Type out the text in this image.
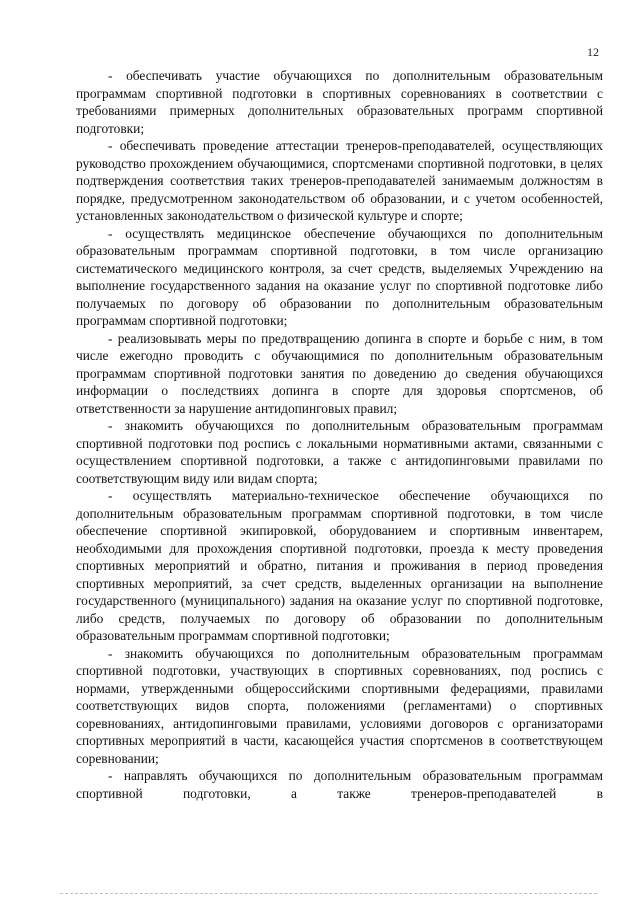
12

- обеспечивать участие обучающихся по дополнительным образовательным программам спортивной подготовки в спортивных соревнованиях в соответствии с требованиями примерных дополнительных образовательных программ спортивной подготовки;

- обеспечивать проведение аттестации тренеров-преподавателей, осуществляющих руководство прохождением обучающимися, спортсменами спортивной подготовки, в целях подтверждения соответствия таких тренеров-преподавателей занимаемым должностям в порядке, предусмотренном законодательством об образовании, и с учетом особенностей, установленных законодательством о физической культуре и спорте;

- осуществлять медицинское обеспечение обучающихся по дополнительным образовательным программам спортивной подготовки, в том числе организацию систематического медицинского контроля, за счет средств, выделяемых Учреждению на выполнение государственного задания на оказание услуг по спортивной подготовке либо получаемых по договору об образовании по дополнительным образовательным программам спортивной подготовки;

- реализовывать меры по предотвращению допинга в спорте и борьбе с ним, в том числе ежегодно проводить с обучающимися по дополнительным образовательным программам спортивной подготовки занятия по доведению до сведения обучающихся информации о последствиях допинга в спорте для здоровья спортсменов, об ответственности за нарушение антидопинговых правил;

- знакомить обучающихся по дополнительным образовательным программам спортивной подготовки под роспись с локальными нормативными актами, связанными с осуществлением спортивной подготовки, а также с антидопинговыми правилами по соответствующим виду или видам спорта;

- осуществлять материально-техническое обеспечение обучающихся по дополнительным образовательным программам спортивной подготовки, в том числе обеспечение спортивной экипировкой, оборудованием и спортивным инвентарем, необходимыми для прохождения спортивной подготовки, проезда к месту проведения спортивных мероприятий и обратно, питания и проживания в период проведения спортивных мероприятий, за счет средств, выделенных организации на выполнение государственного (муниципального) задания на оказание услуг по спортивной подготовке, либо средств, получаемых по договору об образовании по дополнительным образовательным программам спортивной подготовки;

- знакомить обучающихся по дополнительным образовательным программам спортивной подготовки, участвующих в спортивных соревнованиях, под роспись с нормами, утвержденными общероссийскими спортивными федерациями, правилами соответствующих видов спорта, положениями (регламентами) о спортивных соревнованиях, антидопинговыми правилами, условиями договоров с организаторами спортивных мероприятий в части, касающейся участия спортсменов в соответствующем соревновании;

- направлять обучающихся по дополнительным образовательным программам спортивной подготовки, а также тренеров-преподавателей в
